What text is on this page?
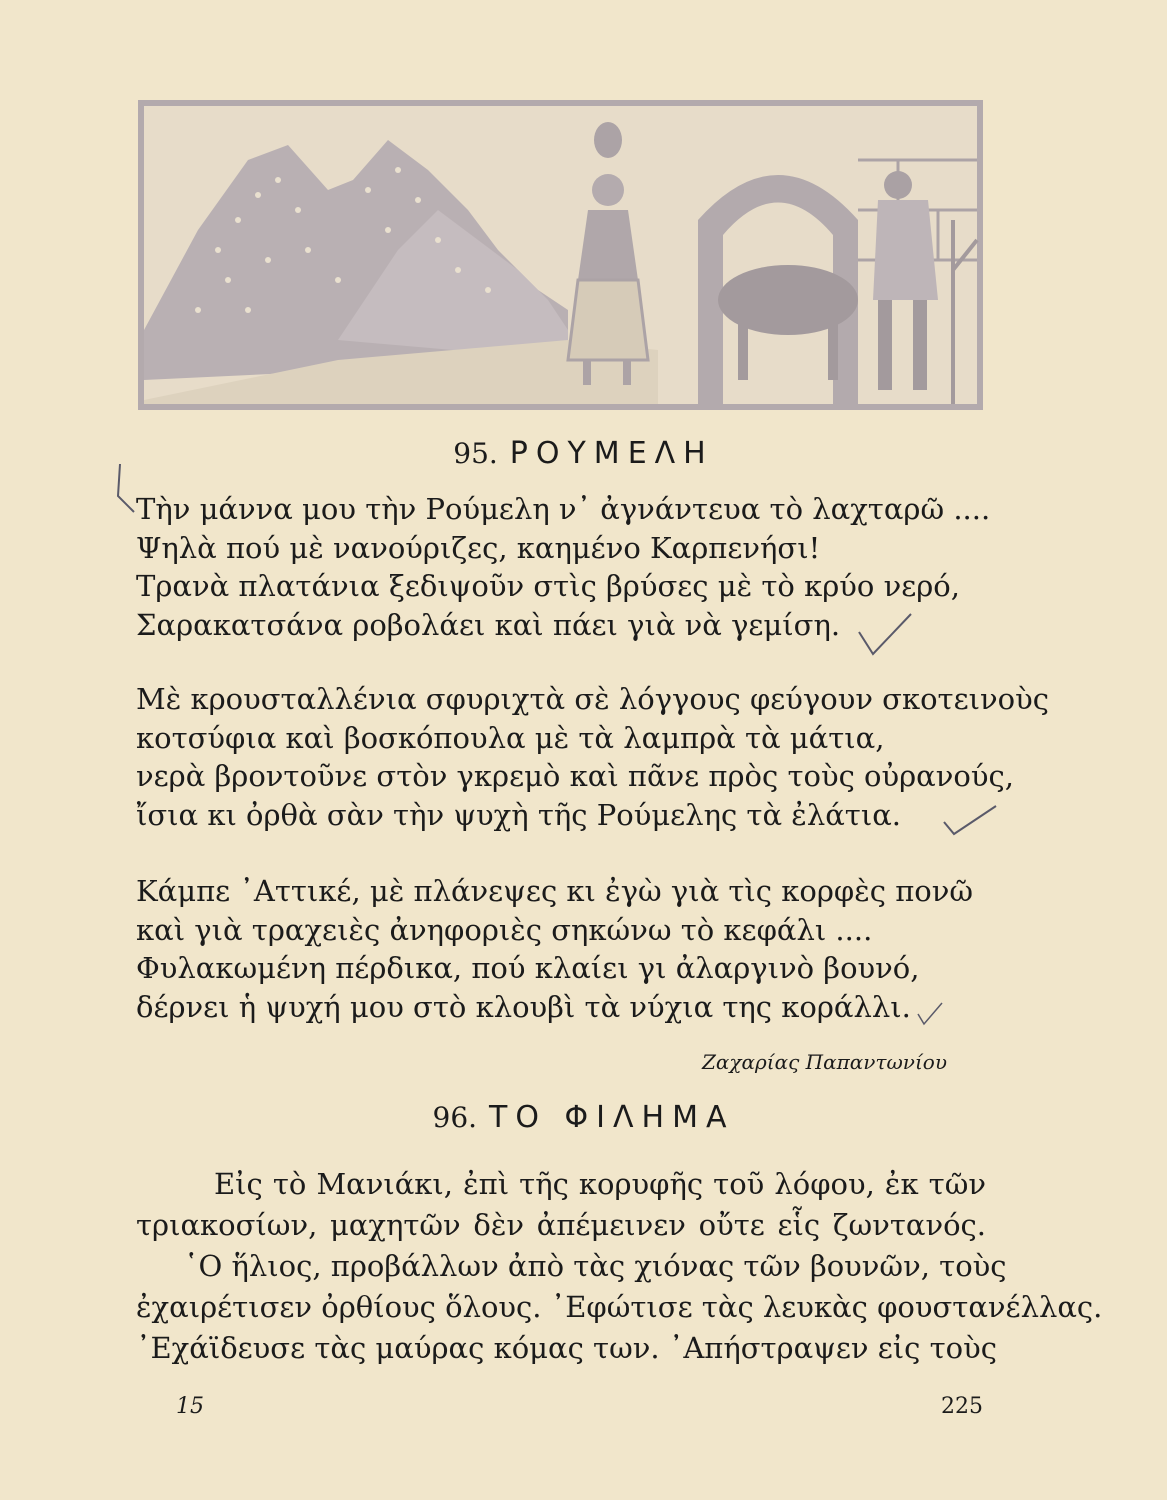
95. ΡΟΥΜΕΛΗ
Τὴν μάννα μου τὴν Ρούμελη ν᾿ ἀγνάντευα τὸ λαχταρῶ ....
Ψηλὰ πού μὲ νανούριζες, καημένο Καρπενήσι!
Τρανὰ πλατάνια ξεδιψοῦν στὶς βρύσες μὲ τὸ κρύο νερό,
Σαρακατσάνα ροβολάει καὶ πάει γιὰ νὰ γεμίση.
Μὲ κρουσταλλένια σφυριχτὰ σὲ λόγγους φεύγουν σκοτεινοὺς
κοτσύφια καὶ βοσκόπουλα μὲ τὰ λαμπρὰ τὰ μάτια,
νερὰ βροντοῦνε στὸν γκρεμὸ καὶ πᾶνε πρὸς τοὺς οὐρανούς,
ἴσια κι ὀρθὰ σὰν τὴν ψυχὴ τῆς Ρούμελης τὰ ἐλάτια.
Κάμπε ᾿Αττικέ, μὲ πλάνεψες κι ἐγὼ γιὰ τὶς κορφὲς πονῶ
καὶ γιὰ τραχειὲς ἀνηφοριὲς σηκώνω τὸ κεφάλι ....
Φυλακωμένη πέρδικα, πού κλαίει γι ἀλαργινὸ βουνό,
δέρνει ἡ ψυχή μου στὸ κλουβὶ τὰ νύχια της κοράλλι.
Ζαχαρίας Παπαντωνίου
96. ΤΟ ΦΙΛΗΜΑ
Εἰς τὸ Μανιάκι, ἐπὶ τῆς κορυφῆς τοῦ λόφου, ἐκ τῶν
τριακοσίων, μαχητῶν δὲν ἀπέμεινεν οὔτε εἷς ζωντανός.
῾Ο ἥλιος, προβάλλων ἀπὸ τὰς χιόνας τῶν βουνῶν, τοὺς
ἐχαιρέτισεν ὀρθίους ὅλους. ᾿Εφώτισε τὰς λευκὰς φουστανέλλας.
᾿Εχάϊδευσε τὰς μαύρας κόμας των. ᾿Απήστραψεν εἰς τοὺς
15	225
